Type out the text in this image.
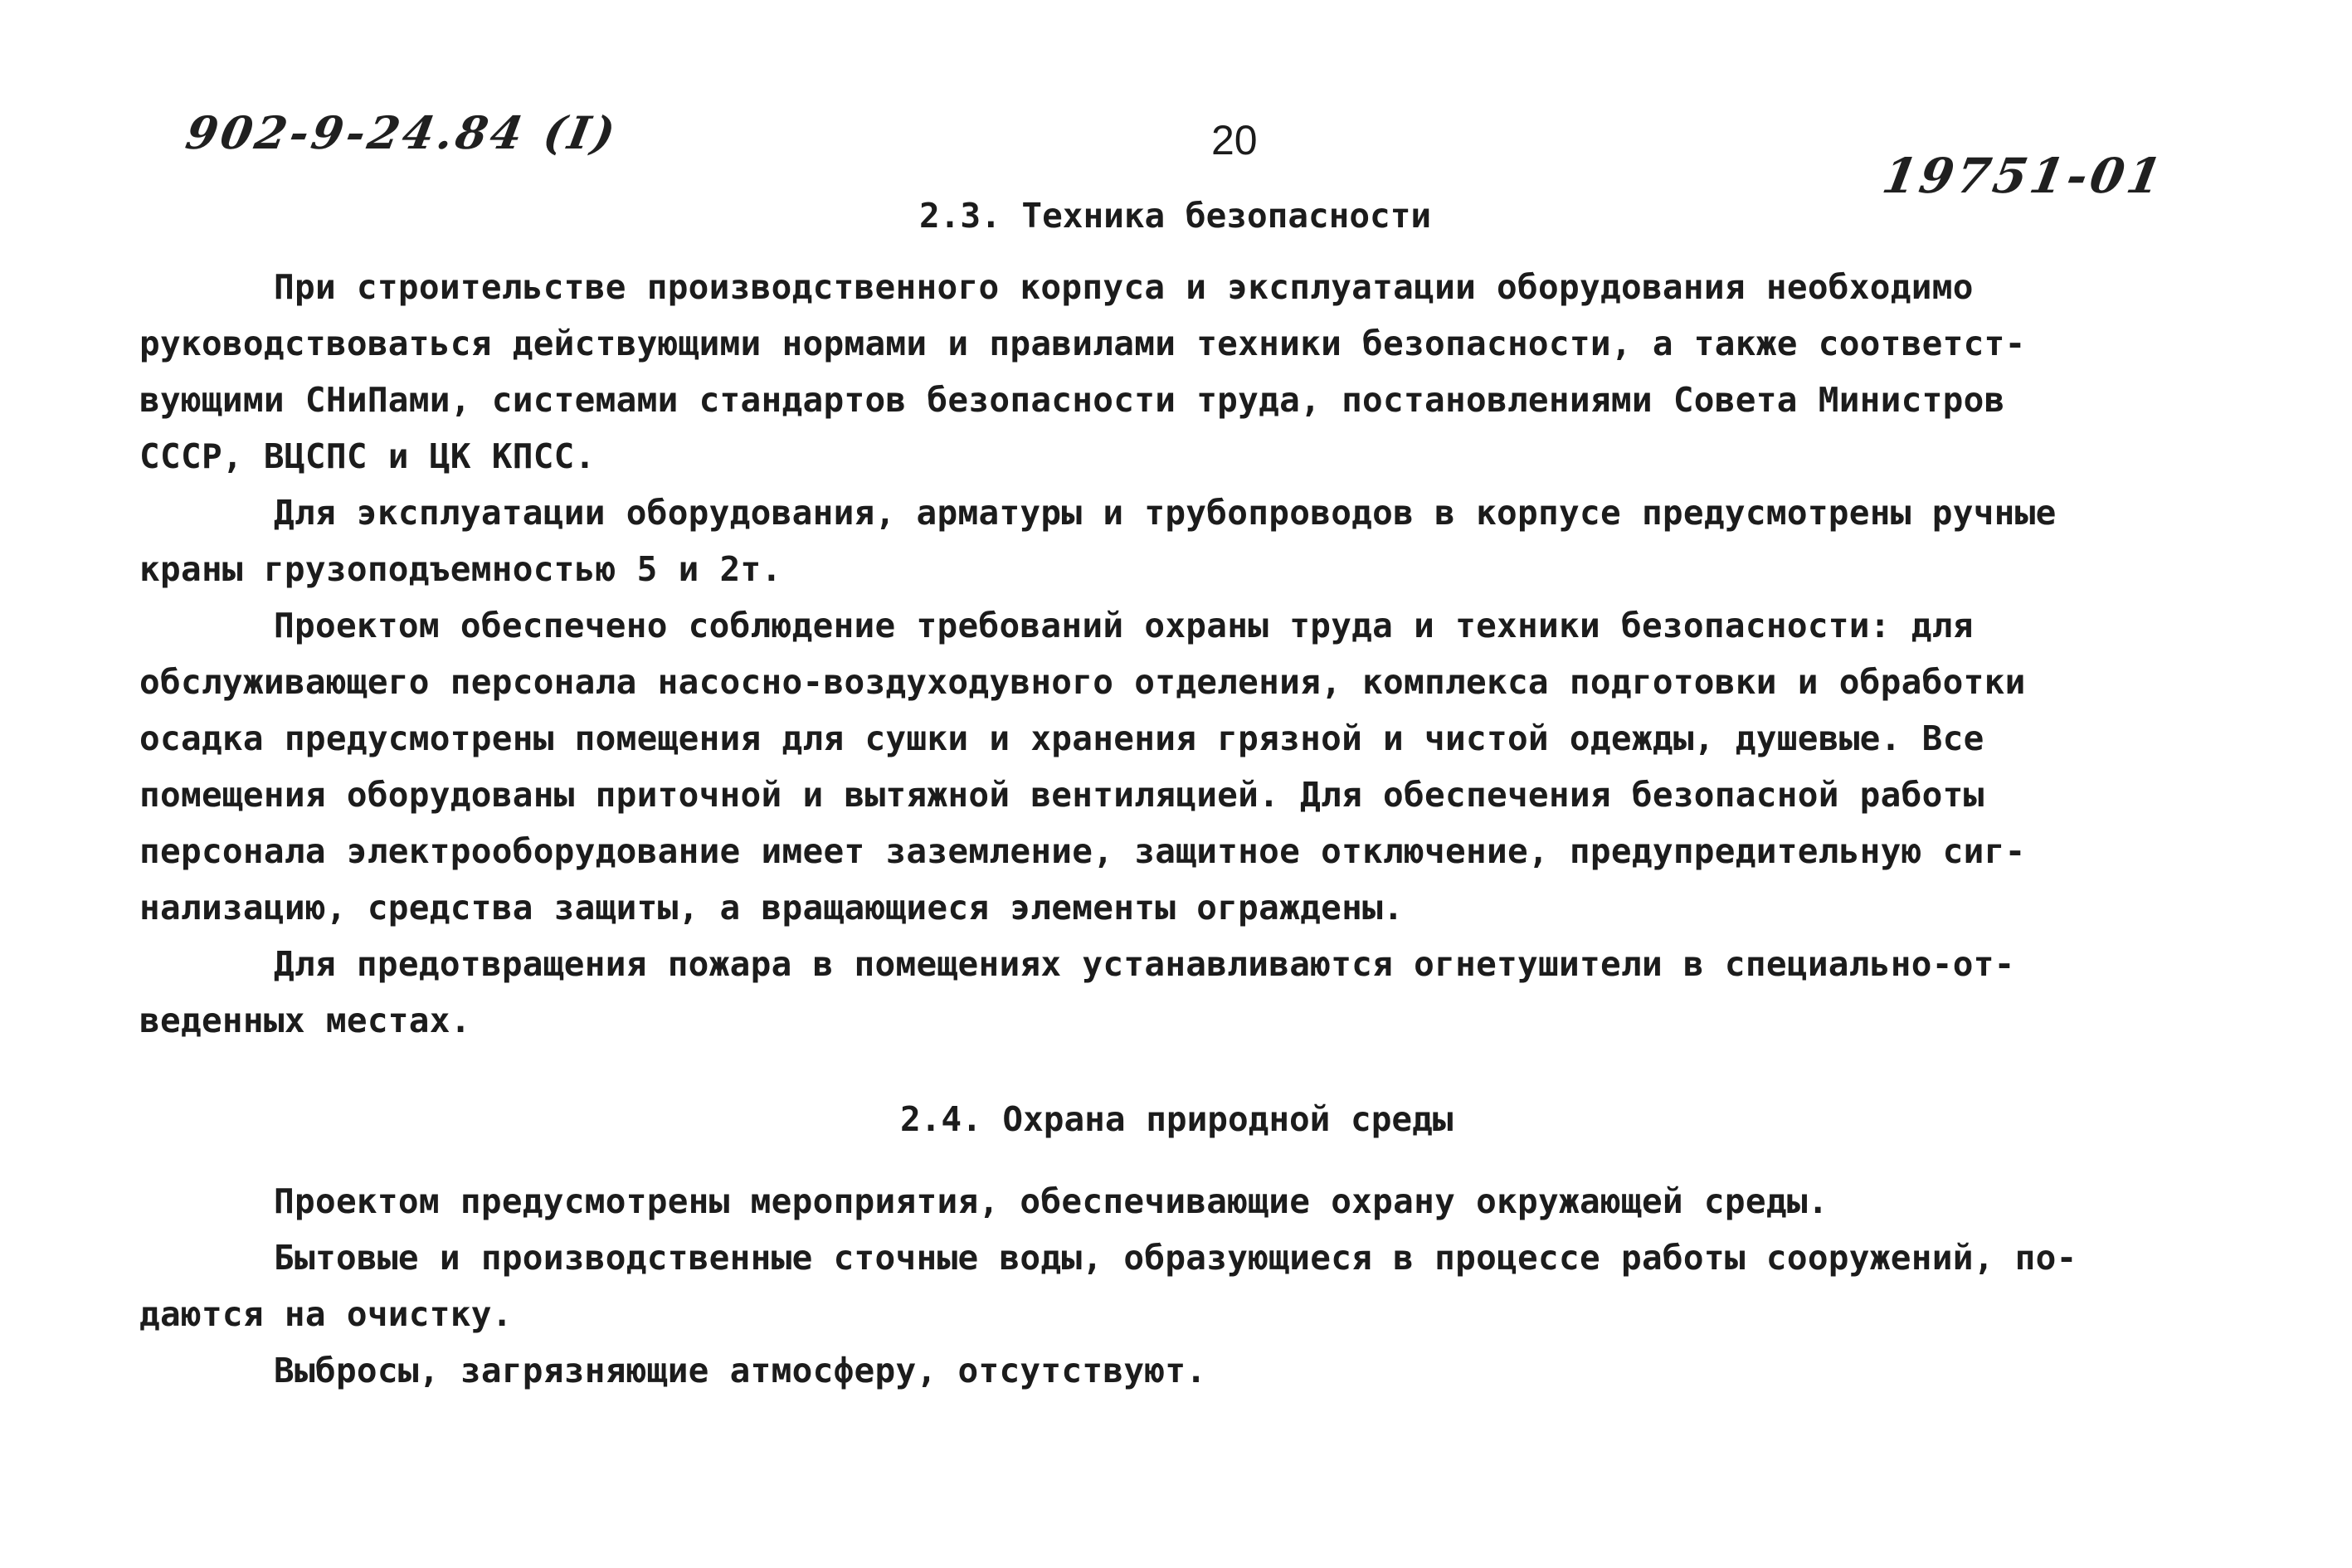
902-9-24.84 (I)	20
19751-01
2.3. Техника безопасности
При строительстве производственного корпуса и эксплуатации оборудования необходимо
руководствоваться действующими нормами и правилами техники безопасности, а также соответст-
вующими СНиПами, системами стандартов безопасности труда, постановлениями Совета Министров
СССР, ВЦСПС и ЦК КПСС.
Для эксплуатации оборудования, арматуры и трубопроводов в корпусе предусмотрены ручные
краны грузоподъемностью 5 и 2т.
Проектом обеспечено соблюдение требований охраны труда и техники безопасности: для
обслуживающего персонала насосно-воздуходувного отделения, комплекса подготовки и обработки
осадка предусмотрены помещения для сушки и хранения грязной и чистой одежды, душевые. Все
помещения оборудованы приточной и вытяжной вентиляцией. Для обеспечения безопасной работы
персонала электрооборудование имеет заземление, защитное отключение, предупредительную сиг-
нализацию, средства защиты, а вращающиеся элементы ограждены.
Для предотвращения пожара в помещениях устанавливаются огнетушители в специально-от-
веденных местах.
2.4. Охрана природной среды
Проектом предусмотрены мероприятия, обеспечивающие охрану окружающей среды.
Бытовые и производственные сточные воды, образующиеся в процессе работы сооружений, по-
даются на очистку.
Выбросы, загрязняющие атмосферу, отсутствуют.
